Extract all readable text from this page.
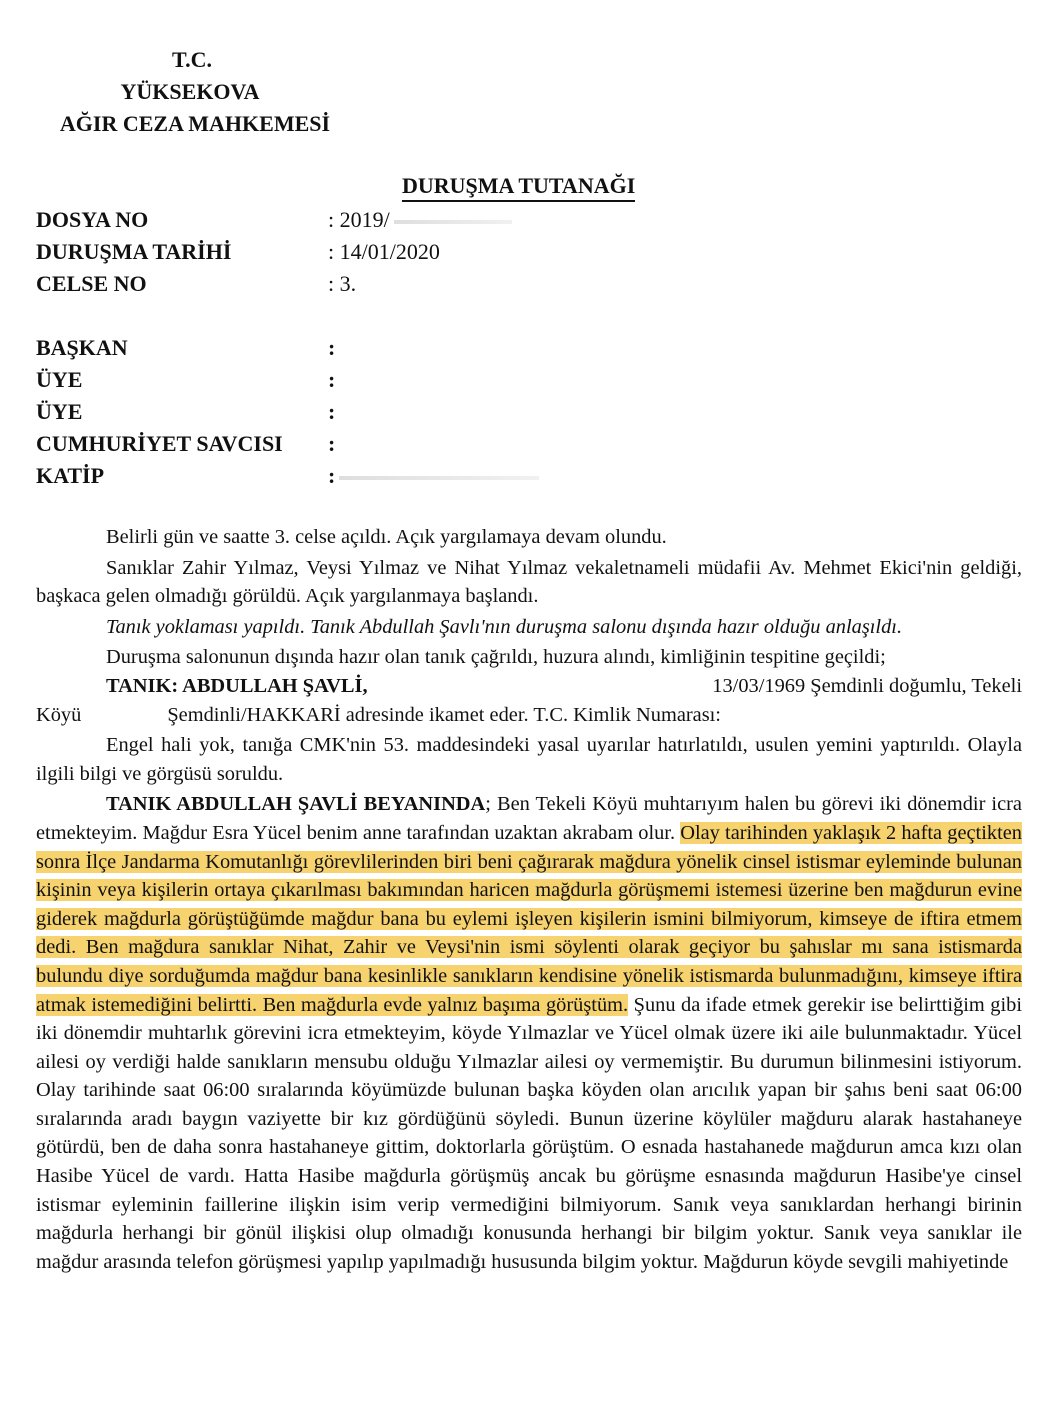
T.C.
YÜKSEKOVA
AĞIR CEZA MAHKEMESİ
DURUŞMA TUTANAĞI
DOSYA NO	: 2019/
DURUŞMA TARİHİ	: 14/01/2020
CELSE NO	: 3.
BAŞKAN	:
ÜYE	:
ÜYE	:
CUMHURİYET SAVCISI :
KATİP	:

Belirli gün ve saatte 3. celse açıldı. Açık yargılamaya devam olundu.

Sanıklar Zahir Yılmaz, Veysi Yılmaz ve Nihat Yılmaz vekaletnameli müdafii Av. Mehmet Ekici'nin geldiği, başkaca gelen olmadığı görüldü. Açık yargılanmaya başlandı.

Tanık yoklaması yapıldı. Tanık Abdullah Şavlı'nın duruşma salonu dışında hazır olduğu anlaşıldı.

Duruşma salonunun dışında hazır olan tanık çağrıldı, huzura alındı, kimliğinin tespitine geçildi;

TANIK: ABDULLAH ŞAVLİ,	13/03/1969 Şemdinli doğumlu, Tekeli
Köyü	Şemdinli/HAKKARİ adresinde ikamet eder. T.C. Kimlik Numarası:

Engel hali yok, tanığa CMK'nin 53. maddesindeki yasal uyarılar hatırlatıldı, usulen yemini yaptırıldı. Olayla ilgili bilgi ve görgüsü soruldu.

TANIK ABDULLAH ŞAVLİ BEYANINDA; Ben Tekeli Köyü muhtarıyım halen bu görevi iki dönemdir icra etmekteyim. Mağdur Esra Yücel benim anne tarafından uzaktan akrabam olur. Olay tarihinden yaklaşık 2 hafta geçtikten sonra İlçe Jandarma Komutanlığı görevlilerinden biri beni çağırarak mağdura yönelik cinsel istismar eyleminde bulunan kişinin veya kişilerin ortaya çıkarılması bakımından haricen mağdurla görüşmemi istemesi üzerine ben mağdurun evine giderek mağdurla görüştüğümde mağdur bana bu eylemi işleyen kişilerin ismini bilmiyorum, kimseye de iftira etmem dedi. Ben mağdura sanıklar Nihat, Zahir ve Veysi'nin ismi söylenti olarak geçiyor bu şahıslar mı sana istismarda bulundu diye sorduğumda mağdur bana kesinlikle sanıkların kendisine yönelik istismarda bulunmadığını, kimseye iftira atmak istemediğini belirtti. Ben mağdurla evde yalnız başıma görüştüm. Şunu da ifade etmek gerekir ise belirttiğim gibi iki dönemdir muhtarlık görevini icra etmekteyim, köyde Yılmazlar ve Yücel olmak üzere iki aile bulunmaktadır. Yücel ailesi oy verdiği halde sanıkların mensubu olduğu Yılmazlar ailesi oy vermemiştir. Bu durumun bilinmesini istiyorum. Olay tarihinde saat 06:00 sıralarında köyümüzde bulunan başka köyden olan arıcılık yapan bir şahıs beni saat 06:00 sıralarında aradı baygın vaziyette bir kız gördüğünü söyledi. Bunun üzerine köylüler mağduru alarak hastahaneye götürdü, ben de daha sonra hastahaneye gittim, doktorlarla görüştüm. O esnada hastahanede mağdurun amca kızı olan Hasibe Yücel de vardı. Hatta Hasibe mağdurla görüşmüş ancak bu görüşme esnasında mağdurun Hasibe'ye cinsel istismar eyleminin faillerine ilişkin isim verip vermediğini bilmiyorum. Sanık veya sanıklardan herhangi birinin mağdurla herhangi bir gönül ilişkisi olup olmadığı konusunda herhangi bir bilgim yoktur. Sanık veya sanıklar ile mağdur arasında telefon görüşmesi yapılıp yapılmadığı hususunda bilgim yoktur. Mağdurun köyde sevgili mahiyetinde
